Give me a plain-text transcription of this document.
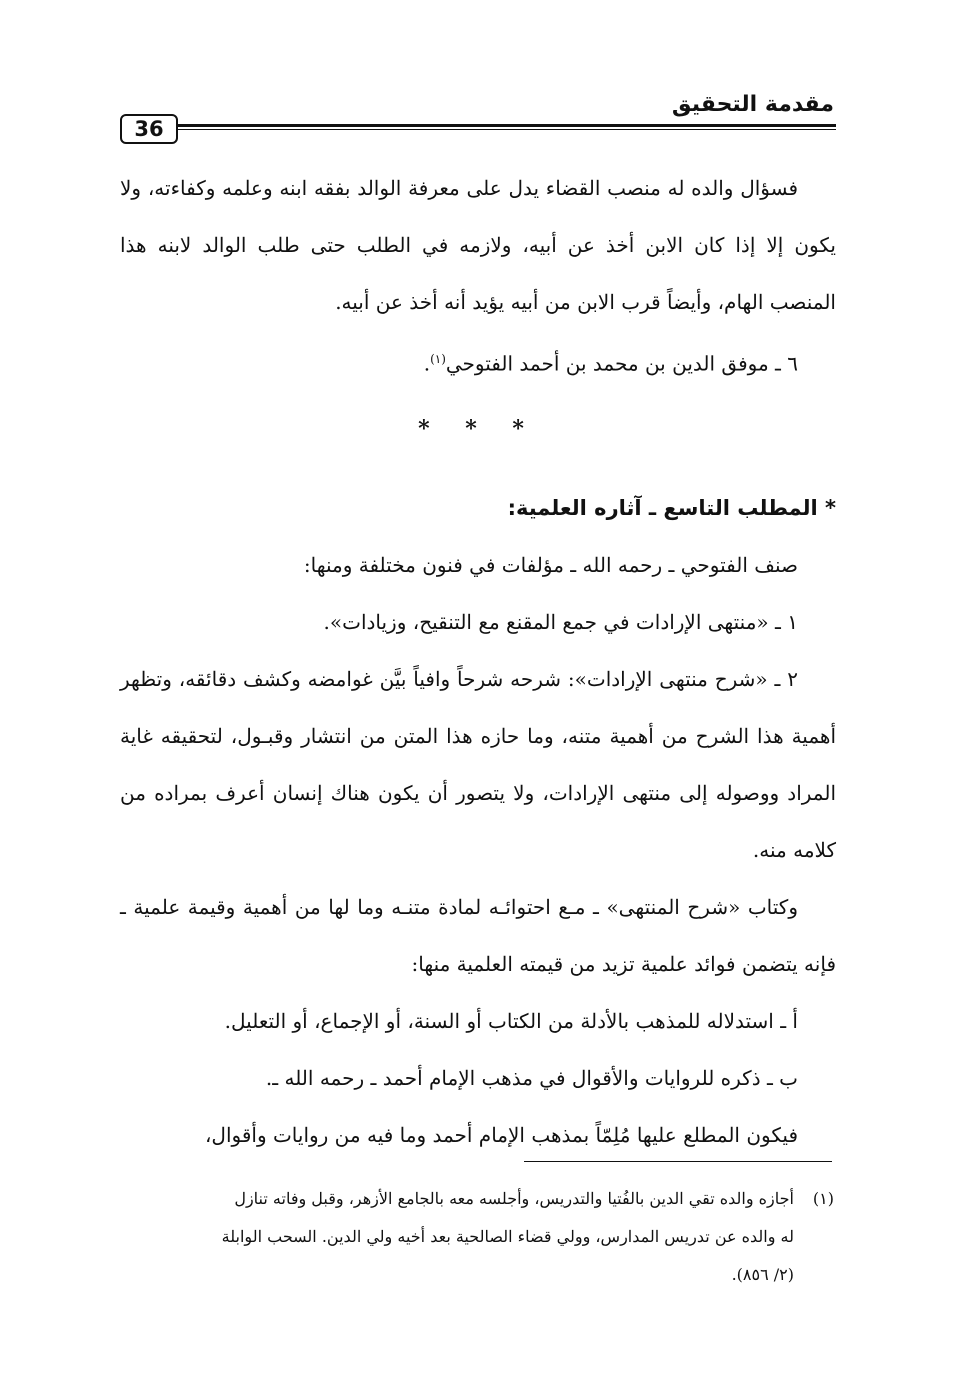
مقدمة التحقيق
36

فسؤال والده له منصب القضاء يدل على معرفة الوالد بفقه ابنه وعلمه وكفاءته، ولا يكون إلا إذا كان الابن أخذ عن أبيه، ولازمه في الطلب حتى طلب الوالد لابنه هذا المنصب الهام، وأيضاً قرب الابن من أبيه يؤيد أنه أخذ عن أبيه.

٦ ـ موفق الدين بن محمد بن أحمد الفتوحي$^{(١)}$.

* * *

* المطلب التاسع ـ آثاره العلمية:

صنف الفتوحي ـ رحمه الله ـ مؤلفات في فنون مختلفة ومنها:

١ ـ «منتهى الإرادات في جمع المقنع مع التنقيح، وزيادات».

٢ ـ «شرح منتهى الإرادات»: شرحه شرحاً وافياً بيَّن غوامضه وكشف دقائقه، وتظهر أهمية هذا الشرح من أهمية متنه، وما حازه هذا المتن من انتشار وقبـول، لتحقيقه غاية المراد ووصوله إلى منتهى الإرادات، ولا يتصور أن يكون هناك إنسان أعرف بمراده من كلامه منه.

وكتاب «شرح المنتهى» ـ مـع احتوائـه لمادة متنـه وما لها من أهمية وقيمة علمية ـ فإنه يتضمن فوائد علمية تزيد من قيمته العلمية منها:

أ ـ استدلاله للمذهب بالأدلة من الكتاب أو السنة، أو الإجماع، أو التعليل.

ب ـ ذكره للروايات والأقوال في مذهب الإمام أحمد ـ رحمه الله ـ.

فيكون المطلع عليها مُلِمّاً بمذهب الإمام أحمد وما فيه من روايات وأقوال،

(١)أجازه والده تقي الدين بالفُتيا والتدريس، وأجلسه معه بالجامع الأزهر، وقبل وفاته تنازل

له والده عن تدريس المدارس، وولي قضاء الصالحية بعد أخيه ولي الدين. السحب الوابلة

(٢/ ٨٥٦).
